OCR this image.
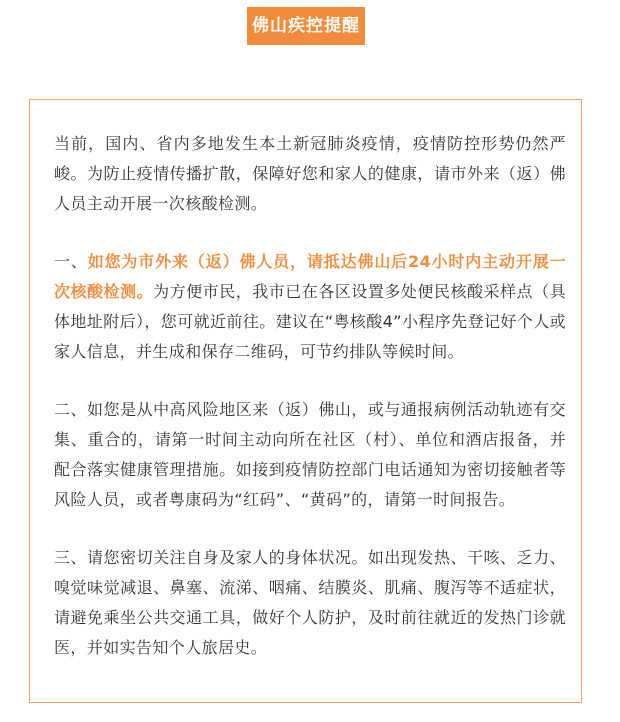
佛山疾控提醒

当前，国内、省内多地发生本土新冠肺炎疫情，疫情防控形势仍然严峻。为防止疫情传播扩散，保障好您和家人的健康，请市外来（返）佛人员主动开展一次核酸检测。

一、如您为市外来（返）佛人员，请抵达佛山后24小时内主动开展一次核酸检测。为方便市民，我市已在各区设置多处便民核酸采样点（具体地址附后），您可就近前往。建议在“粤核酸4”小程序先登记好个人或家人信息，并生成和保存二维码，可节约排队等候时间。

二、如您是从中高风险地区来（返）佛山，或与通报病例活动轨迹有交集、重合的，请第一时间主动向所在社区（村）、单位和酒店报备，并配合落实健康管理措施。如接到疫情防控部门电话通知为密切接触者等风险人员，或者粤康码为“红码”、“黄码”的，请第一时间报告。

三、请您密切关注自身及家人的身体状况。如出现发热、干咳、乏力、嗅觉味觉减退、鼻塞、流涕、咽痛、结膜炎、肌痛、腹泻等不适症状，请避免乘坐公共交通工具，做好个人防护，及时前往就近的发热门诊就医，并如实告知个人旅居史。
